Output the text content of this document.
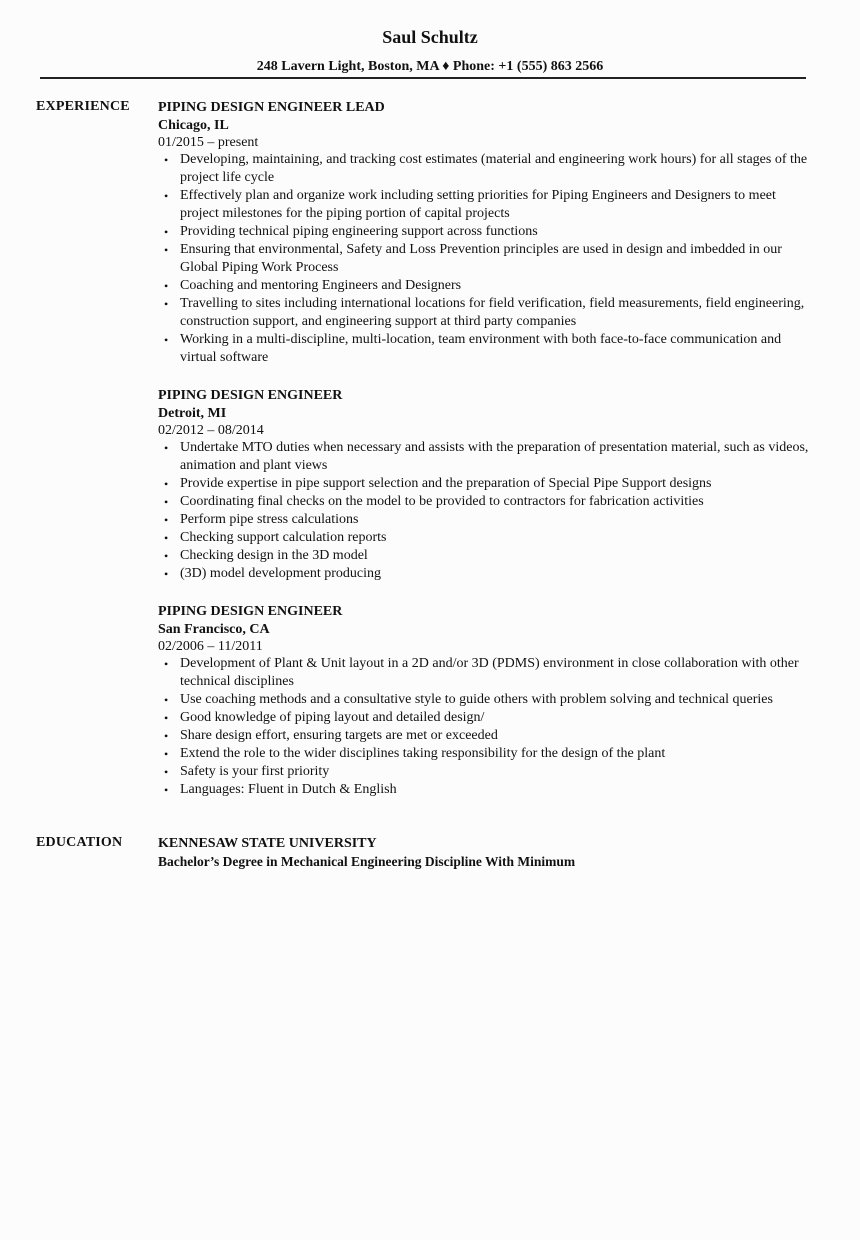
Saul Schultz
248 Lavern Light, Boston, MA ♦ Phone: +1 (555) 863 2566
EXPERIENCE PIPING DESIGN ENGINEER LEAD
Chicago, IL
01/2015 – present
• Developing, maintaining, and tracking cost estimates (material and engineering work hours) for all stages of the project life cycle
• Effectively plan and organize work including setting priorities for Piping Engineers and Designers to meet project milestones for the piping portion of capital projects
• Providing technical piping engineering support across functions
• Ensuring that environmental, Safety and Loss Prevention principles are used in design and imbedded in our Global Piping Work Process
• Coaching and mentoring Engineers and Designers
• Travelling to sites including international locations for field verification, field measurements, field engineering, construction support, and engineering support at third party companies
• Working in a multi-discipline, multi-location, team environment with both face-to-face communication and virtual software
PIPING DESIGN ENGINEER
Detroit, MI
02/2012 – 08/2014
• Undertake MTO duties when necessary and assists with the preparation of presentation material, such as videos, animation and plant views
• Provide expertise in pipe support selection and the preparation of Special Pipe Support designs
• Coordinating final checks on the model to be provided to contractors for fabrication activities
• Perform pipe stress calculations
• Checking support calculation reports
• Checking design in the 3D model
• (3D) model development producing
PIPING DESIGN ENGINEER
San Francisco, CA
02/2006 – 11/2011
• Development of Plant & Unit layout in a 2D and/or 3D (PDMS) environment in close collaboration with other technical disciplines
• Use coaching methods and a consultative style to guide others with problem solving and technical queries
• Good knowledge of piping layout and detailed design/
• Share design effort, ensuring targets are met or exceeded
• Extend the role to the wider disciplines taking responsibility for the design of the plant
• Safety is your first priority
• Languages: Fluent in Dutch & English
EDUCATION	KENNESAW STATE UNIVERSITY
Bachelor’s Degree in Mechanical Engineering Discipline With Minimum
